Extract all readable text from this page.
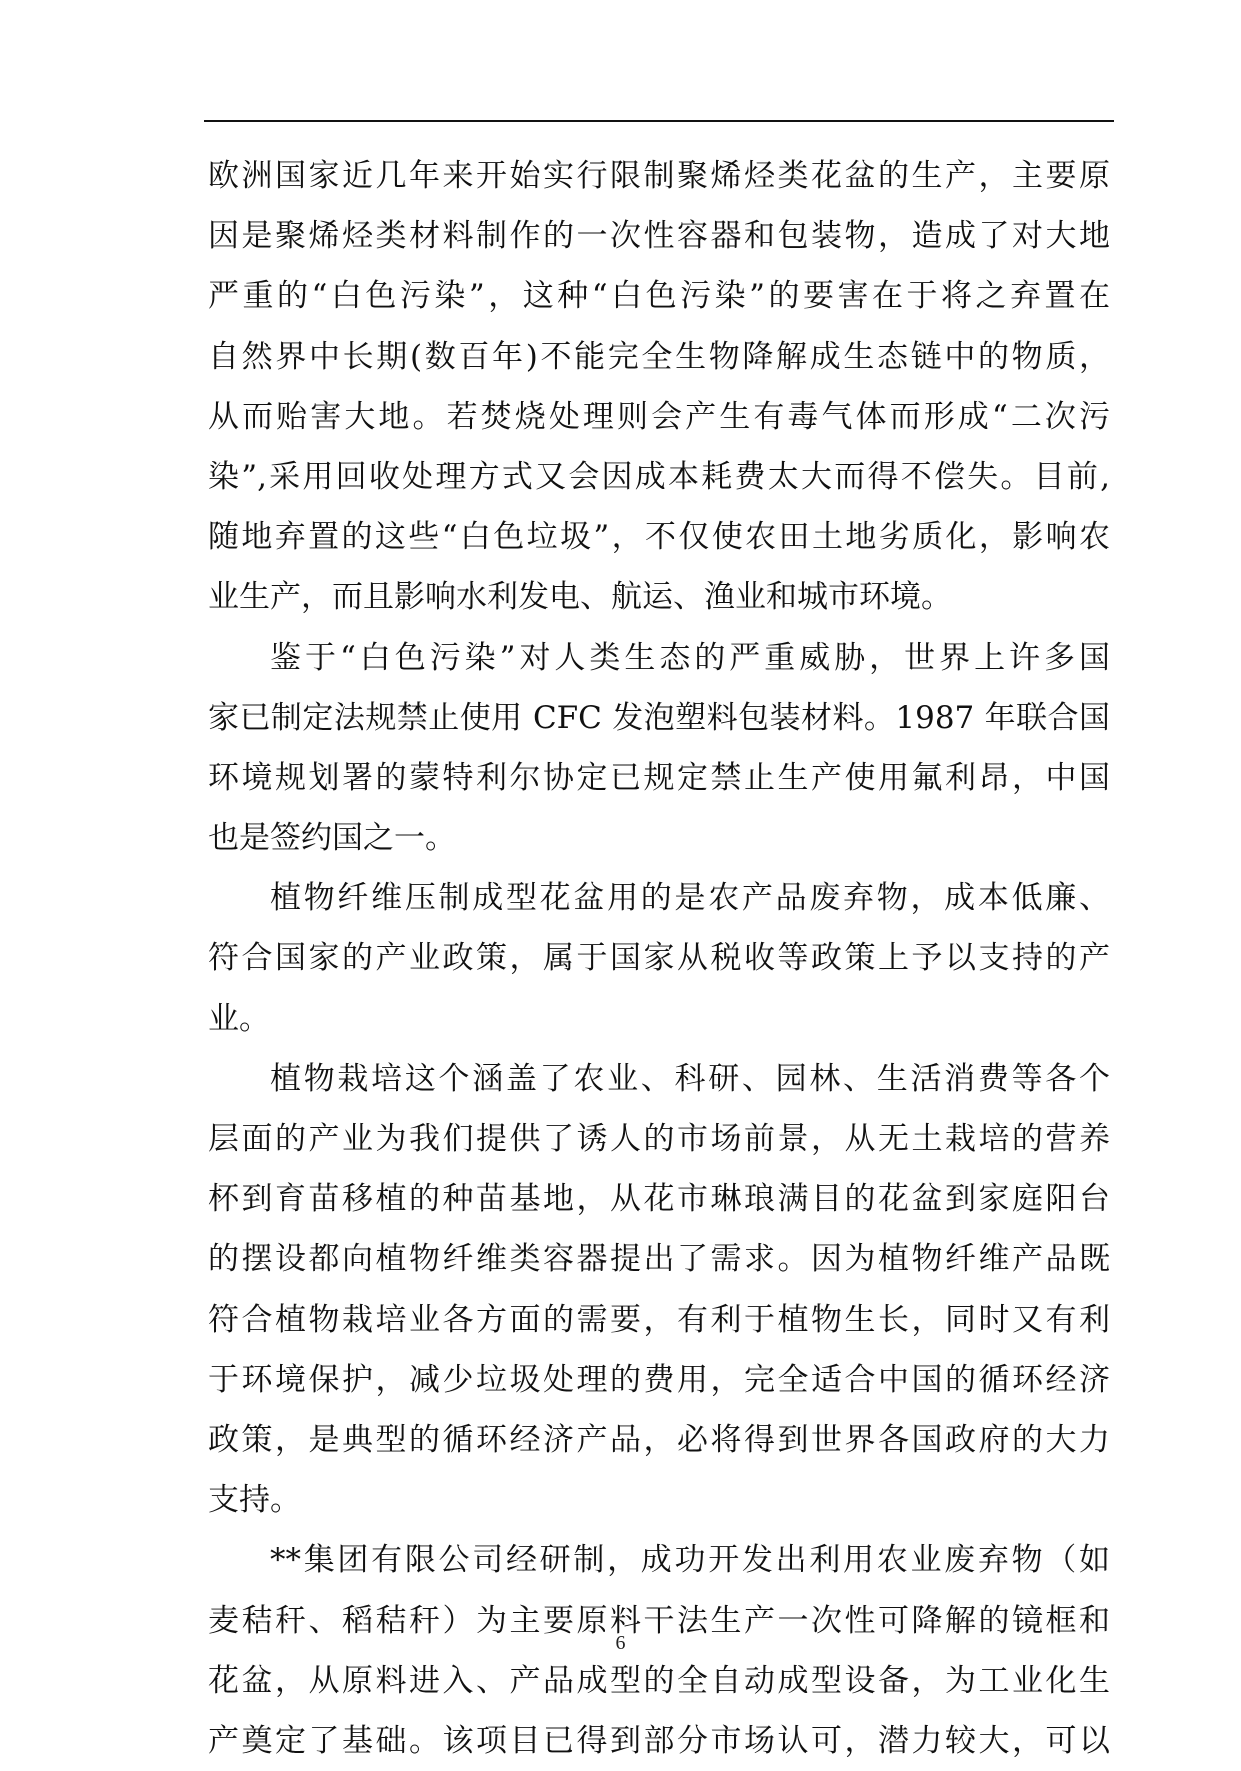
欧洲国家近几年来开始实行限制聚烯烃类花盆的生产，主要原
因是聚烯烃类材料制作的一次性容器和包装物，造成了对大地
严重的“白色污染”，这种“白色污染”的要害在于将之弃置在
自然界中长期(数百年)不能完全生物降解成生态链中的物质，
从而贻害大地。若焚烧处理则会产生有毒气体而形成“二次污
染”,采用回收处理方式又会因成本耗费太大而得不偿失。目前,
随地弃置的这些“白色垃圾”，不仅使农田土地劣质化，影响农
业生产，而且影响水利发电、航运、渔业和城市环境。

鉴于“白色污染”对人类生态的严重威胁，世界上许多国
家已制定法规禁止使用 CFC 发泡塑料包装材料。1987 年联合国
环境规划署的蒙特利尔协定已规定禁止生产使用氟利昂，中国
也是签约国之一。

植物纤维压制成型花盆用的是农产品废弃物，成本低廉、
符合国家的产业政策，属于国家从税收等政策上予以支持的产
业。

植物栽培这个涵盖了农业、科研、园林、生活消费等各个
层面的产业为我们提供了诱人的市场前景，从无土栽培的营养
杯到育苗移植的种苗基地，从花市琳琅满目的花盆到家庭阳台
的摆设都向植物纤维类容器提出了需求。因为植物纤维产品既
符合植物栽培业各方面的需要，有利于植物生长，同时又有利
于环境保护，减少垃圾处理的费用，完全适合中国的循环经济
政策，是典型的循环经济产品，必将得到世界各国政府的大力
支持。

**集团有限公司经研制，成功开发出利用农业废弃物（如
麦秸秆、稻秸秆）为主要原料干法生产一次性可降解的镜框和
花盆，从原料进入、产品成型的全自动成型设备，为工业化生
产奠定了基础。该项目已得到部分市场认可，潜力较大，可以

6
